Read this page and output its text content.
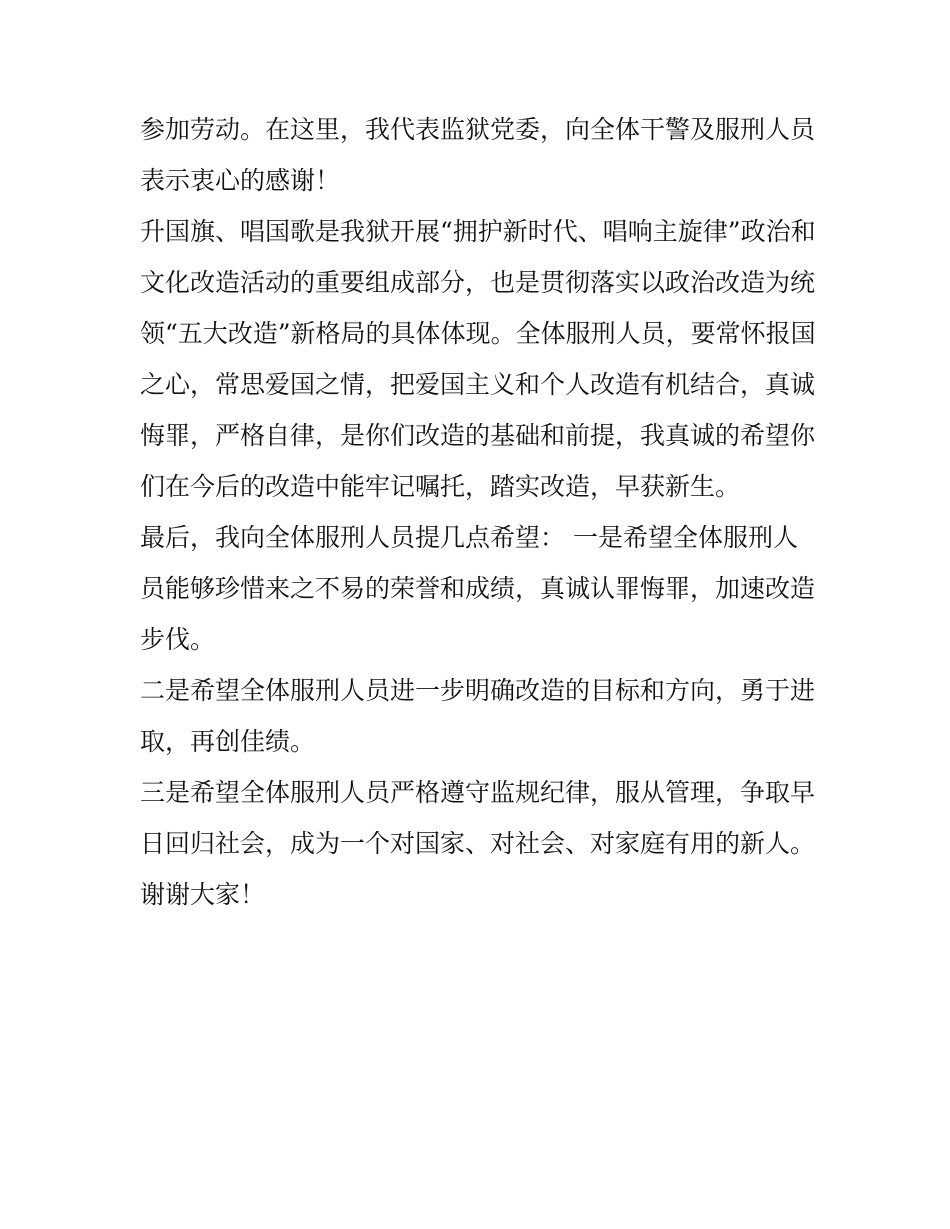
参加劳动。在这里，我代表监狱党委，向全体干警及服刑人员
表示衷心的感谢！
升国旗、唱国歌是我狱开展“拥护新时代、唱响主旋律”政治和
文化改造活动的重要组成部分，也是贯彻落实以政治改造为统
领“五大改造”新格局的具体体现。全体服刑人员，要常怀报国
之心，常思爱国之情，把爱国主义和个人改造有机结合，真诚
悔罪，严格自律，是你们改造的基础和前提，我真诚的希望你
们在今后的改造中能牢记嘱托，踏实改造，早获新生。
最后，我向全体服刑人员提几点希望： 一是希望全体服刑人
员能够珍惜来之不易的荣誉和成绩，真诚认罪悔罪，加速改造
步伐。
二是希望全体服刑人员进一步明确改造的目标和方向，勇于进
取，再创佳绩。
三是希望全体服刑人员严格遵守监规纪律，服从管理，争取早
日回归社会，成为一个对国家、对社会、对家庭有用的新人。
谢谢大家！
